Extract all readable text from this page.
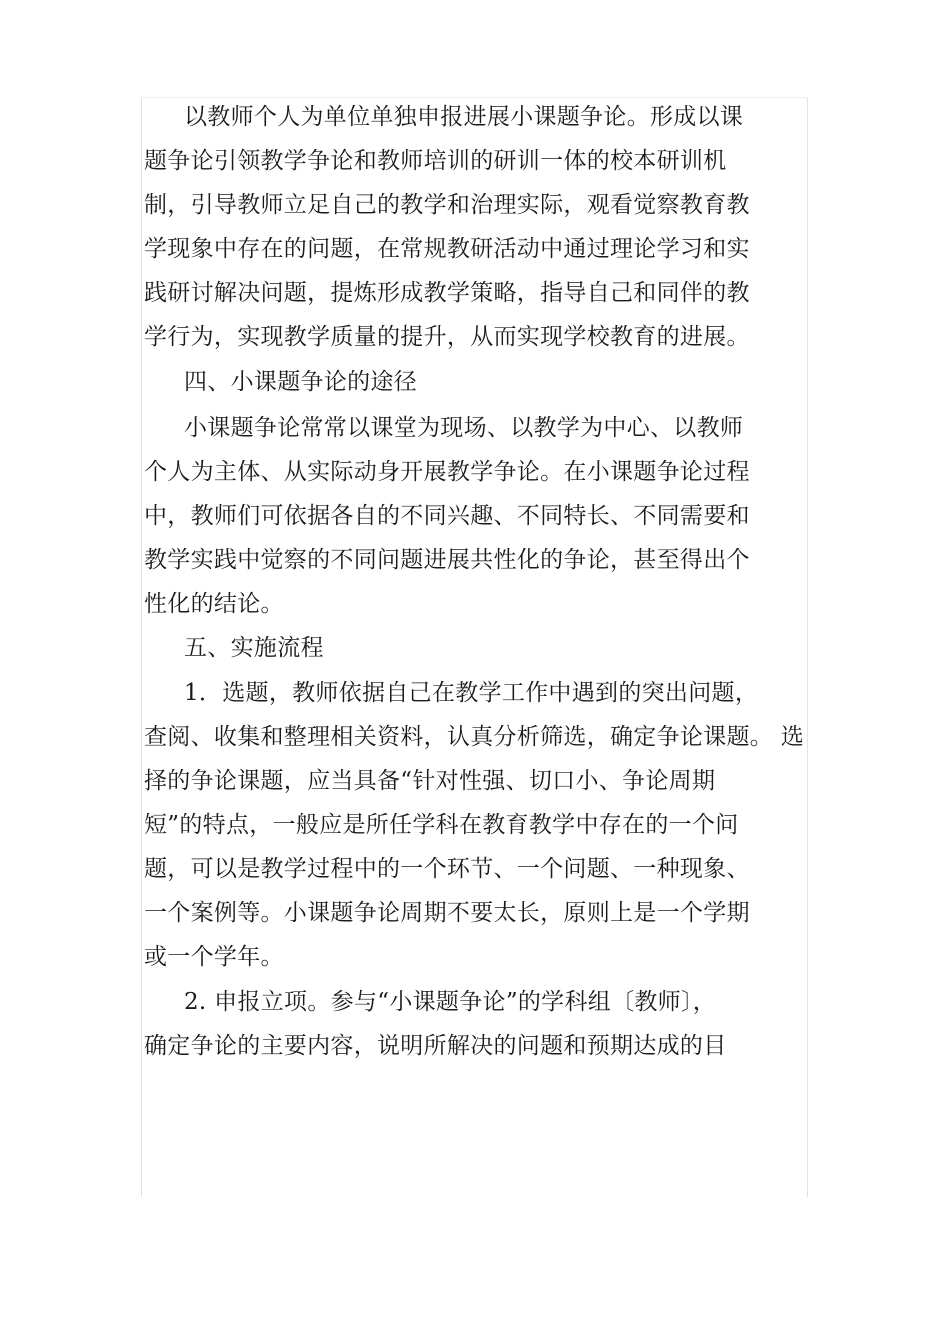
以教师个人为单位单独申报进展小课题争论。形成以课

题争论引领教学争论和教师培训的研训一体的校本研训机

制，引导教师立足自己的教学和治理实际，观看觉察教育教

学现象中存在的问题，在常规教研活动中通过理论学习和实

践研讨解决问题，提炼形成教学策略，指导自己和同伴的教

学行为，实现教学质量的提升，从而实现学校教育的进展。

四、小课题争论的途径

小课题争论常常以课堂为现场、以教学为中心、以教师

个人为主体、从实际动身开展教学争论。在小课题争论过程

中，教师们可依据各自的不同兴趣、不同特长、不同需要和

教学实践中觉察的不同问题进展共性化的争论，甚至得出个

性化的结论。

五、实施流程

1．选题，教师依据自己在教学工作中遇到的突出问题，

查阅、收集和整理相关资料，认真分析筛选，确定争论课题。 选

择的争论课题，应当具备“针对性强、切口小、争论周期

短”的特点，一般应是所任学科在教育教学中存在的一个问

题，可以是教学过程中的一个环节、一个问题、一种现象、

一个案例等。小课题争论周期不要太长，原则上是一个学期

或一个学年。

2. 申报立项。参与“小课题争论”的学科组〔教师〕，

确定争论的主要内容，说明所解决的问题和预期达成的目
